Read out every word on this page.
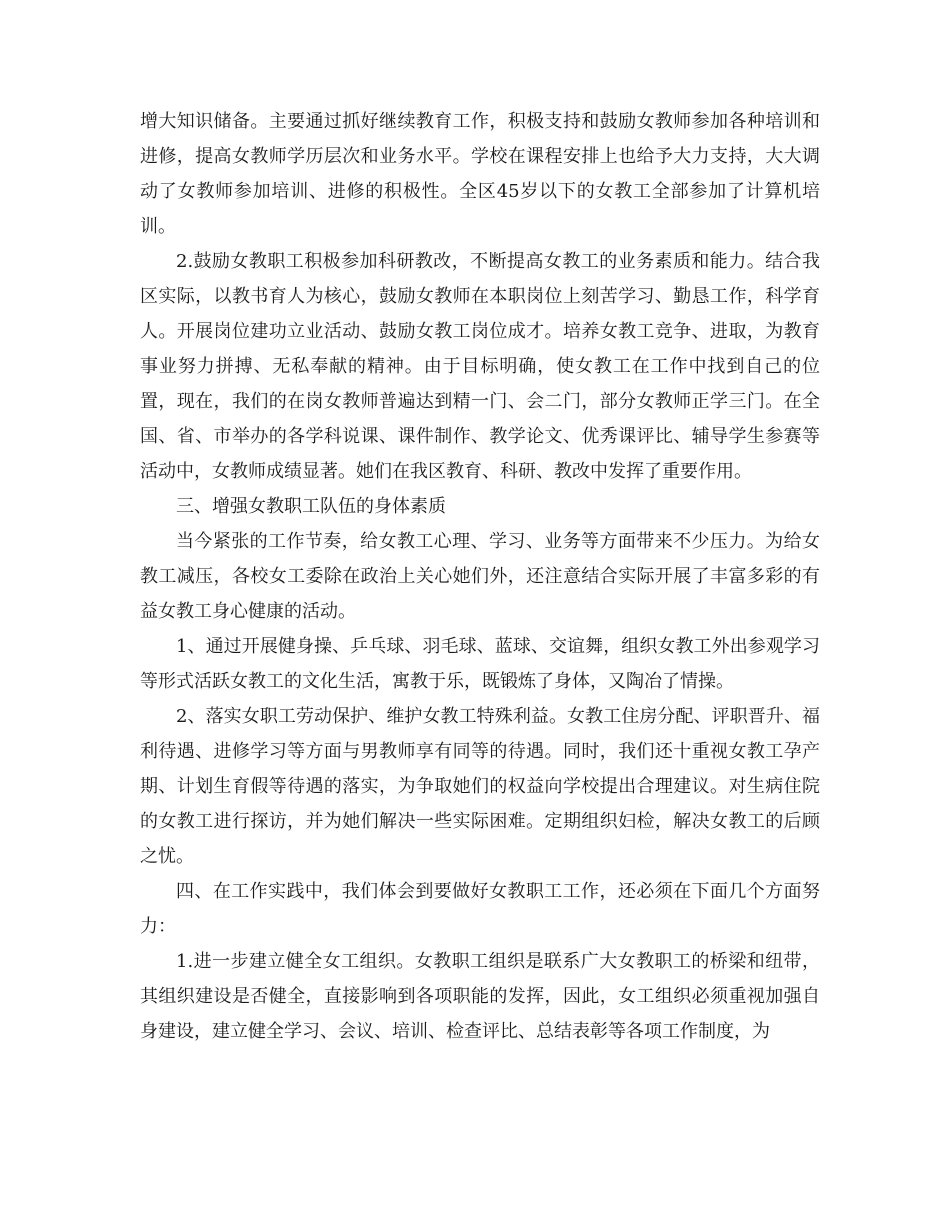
增大知识储备。主要通过抓好继续教育工作，积极支持和鼓励女教师参加各种培训和进修，提高女教师学历层次和业务水平。学校在课程安排上也给予大力支持，大大调动了女教师参加培训、进修的积极性。全区45岁以下的女教工全部参加了计算机培训。

2.鼓励女教职工积极参加科研教改，不断提高女教工的业务素质和能力。结合我区实际，以教书育人为核心，鼓励女教师在本职岗位上刻苦学习、勤恳工作，科学育人。开展岗位建功立业活动、鼓励女教工岗位成才。培养女教工竞争、进取，为教育事业努力拼搏、无私奉献的精神。由于目标明确，使女教工在工作中找到自己的位置，现在，我们的在岗女教师普遍达到精一门、会二门，部分女教师正学三门。在全国、省、市举办的各学科说课、课件制作、教学论文、优秀课评比、辅导学生参赛等活动中，女教师成绩显著。她们在我区教育、科研、教改中发挥了重要作用。

三、增强女教职工队伍的身体素质

当今紧张的工作节奏，给女教工心理、学习、业务等方面带来不少压力。为给女教工减压，各校女工委除在政治上关心她们外，还注意结合实际开展了丰富多彩的有益女教工身心健康的活动。

1、通过开展健身操、乒乓球、羽毛球、蓝球、交谊舞，组织女教工外出参观学习等形式活跃女教工的文化生活，寓教于乐，既锻炼了身体，又陶冶了情操。

2、落实女职工劳动保护、维护女教工特殊利益。女教工住房分配、评职晋升、福利待遇、进修学习等方面与男教师享有同等的待遇。同时，我们还十重视女教工孕产期、计划生育假等待遇的落实，为争取她们的权益向学校提出合理建议。对生病住院的女教工进行探访，并为她们解决一些实际困难。定期组织妇检，解决女教工的后顾之忧。

四、在工作实践中，我们体会到要做好女教职工工作，还必须在下面几个方面努力：

1.进一步建立健全女工组织。女教职工组织是联系广大女教职工的桥梁和纽带，其组织建设是否健全，直接影响到各项职能的发挥，因此，女工组织必须重视加强自身建设，建立健全学习、会议、培训、检查评比、总结表彰等各项工作制度，为
